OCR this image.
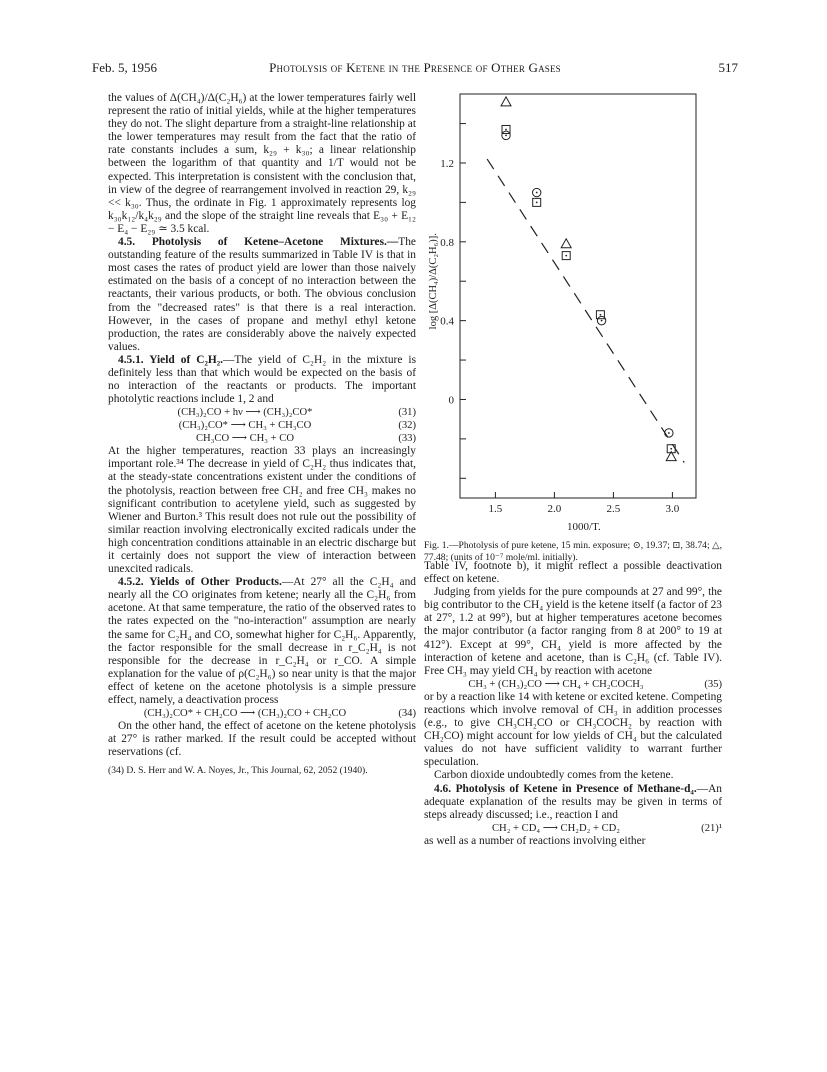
Feb. 5, 1956	Photolysis of Ketene in the Presence of Other Gases	517

the values of Δ(CH₄)/Δ(C₂H₆) at the lower temperatures fairly well represent the ratio of initial yields, while at the higher temperatures they do not. The slight departure from a straight-line relationship at the lower temperatures may result from the fact that the ratio of rate constants includes a sum, k₂₉ + k₃₀; a linear relationship between the logarithm of that quantity and 1/T would not be expected. This interpretation is consistent with the conclusion that, in view of the degree of rearrangement involved in reaction 29, k₂₉ << k₃₀. Thus, the ordinate in Fig. 1 approximately represents log k₃₀k₁₂/k₄k₂₉ and the slope of the straight line reveals that E₃₀ + E₁₂ − E₄ − E₂₉ ≃ 3.5 kcal.

4.5. Photolysis of Ketene–Acetone Mixtures.—The outstanding feature of the results summarized in Table IV is that in most cases the rates of product yield are lower than those naively estimated on the basis of a concept of no interaction between the reactants, their various products, or both. The obvious conclusion from the "decreased rates" is that there is a real interaction. However, in the cases of propane and methyl ethyl ketone production, the rates are considerably above the naively expected values.

4.5.1. Yield of C₂H₂.—The yield of C₂H₂ in the mixture is definitely less than that which would be expected on the basis of no interaction of the reactants or products. The important photolytic reactions include 1, 2 and

(CH₃)₂CO + hν ⟶ (CH₃)₂CO*	(31)
(CH₃)₂CO* ⟶ CH₃ + CH₃CO	(32)
CH₃CO ⟶ CH₃ + CO	(33)

At the higher temperatures, reaction 33 plays an increasingly important role.³⁴ The decrease in yield of C₂H₂ thus indicates that, at the steady-state concentrations existent under the conditions of the photolysis, reaction between free CH₂ and free CH₃ makes no significant contribution to acetylene yield, such as suggested by Wiener and Burton.³ This result does not rule out the possibility of similar reaction involving electronically excited radicals under the high concentration conditions attainable in an electric discharge but it certainly does not support the view of interaction between unexcited radicals.

4.5.2. Yields of Other Products.—At 27° all the C₂H₄ and nearly all the CO originates from ketene; nearly all the C₂H₆ from acetone. At that same temperature, the ratio of the observed rates to the rates expected on the "no-interaction" assumption are nearly the same for C₂H₄ and CO, somewhat higher for C₂H₆. Apparently, the factor responsible for the small decrease in r_C₂H₄ is not responsible for the decrease in r_C₂H₄ or r_CO. A simple explanation for the value of ρ(C₂H₆) so near unity is that the major effect of ketene on the acetone photolysis is a simple pressure effect, namely, a deactivation process

(CH₃)₂CO* + CH₂CO ⟶ (CH₃)₂CO + CH₂CO	(34)

On the other hand, the effect of acetone on the ketene photolysis at 27° is rather marked. If the result could be accepted without reservations (cf.

(34) D. S. Herr and W. A. Noyes, Jr., This Journal, 62, 2052 (1940).
1.5	2.0	2.5	3.0
0
0.4
0.8
1.2
1000/T.
log [Δ(CH₄)/Δ(C₂H₆)].
Fig. 1.—Photolysis of pure ketene, 15 min. exposure; ⊙, 19.37; ⊡, 38.74; △, 77.48; (units of 10⁻⁷ mole/ml. initially).

Table IV, footnote b), it might reflect a possible deactivation effect on ketene.

Judging from yields for the pure compounds at 27 and 99°, the big contributor to the CH₄ yield is the ketene itself (a factor of 23 at 27°, 1.2 at 99°), but at higher temperatures acetone becomes the major contributor (a factor ranging from 8 at 200° to 19 at 412°). Except at 99°, CH₄ yield is more affected by the interaction of ketene and acetone, than is C₂H₆ (cf. Table IV). Free CH₃ may yield CH₄ by reaction with acetone

CH₃ + (CH₃)₂CO ⟶ CH₄ + CH₂COCH₃	(35)

or by a reaction like 14 with ketene or excited ketene. Competing reactions which involve removal of CH₃ in addition processes (e.g., to give CH₃CH₂CO or CH₃COCH₂ by reaction with CH₂CO) might account for low yields of CH₄ but the calculated values do not have sufficient validity to warrant further speculation.

Carbon dioxide undoubtedly comes from the ketene.

4.6. Photolysis of Ketene in Presence of Methane-d₄.—An adequate explanation of the results may be given in terms of steps already discussed; i.e., reaction I and

CH₂ + CD₄ ⟶ CH₂D₂ + CD₂	(21)¹

as well as a number of reactions involving either
